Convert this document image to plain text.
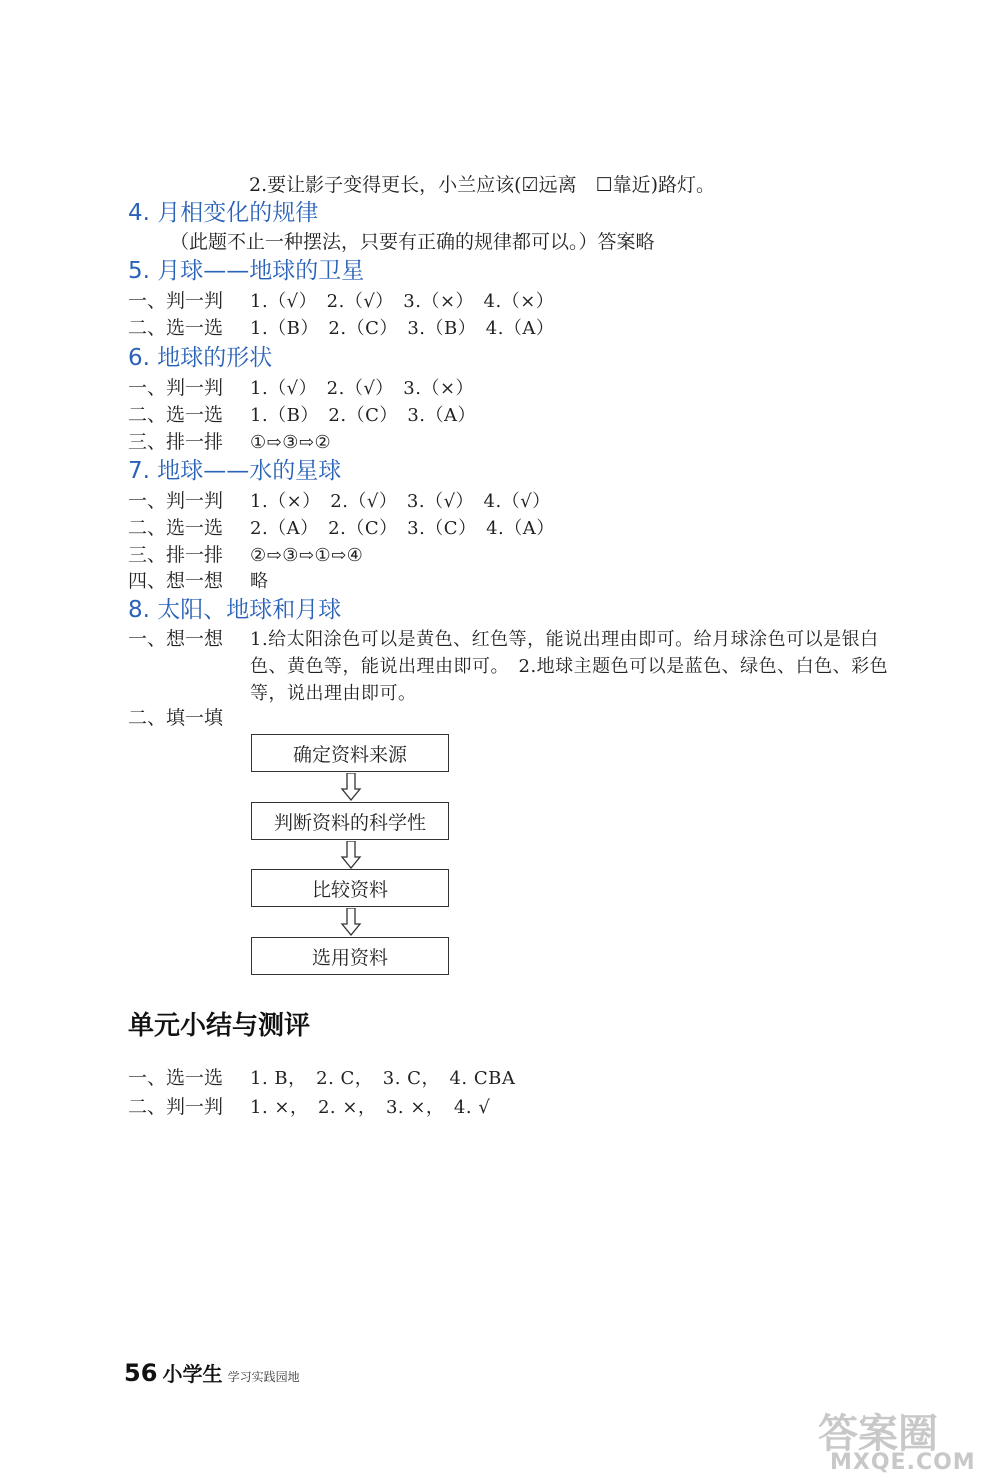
2.要让影子变得更长，小兰应该(☑远离　☐靠近)路灯。
4. 月相变化的规律
（此题不止一种摆法，只要有正确的规律都可以。）答案略
5. 月球——地球的卫星
一、判一判 1.（√）　2.（√）　3.（×）　4.（×）
二、选一选 1.（B）　2.（C）　3.（B）　4.（A）
6. 地球的形状
一、判一判 1.（√）　2.（√）　3.（×）
二、选一选 1.（B）　2.（C）　3.（A）
三、排一排 ①⇨③⇨②
7. 地球——水的星球
一、判一判 1.（×）　2.（√）　3.（√）　4.（√）
二、选一选 2.（A）　2.（C）　3.（C）　4.（A）
三、排一排 ②⇨③⇨①⇨④
四、想一想 略
8. 太阳、地球和月球
一、想一想	1.给太阳涂色可以是黄色、红色等，能说出理由即可。给月球涂色可以是银白色、黄色等，能说出理由即可。　2.地球主题色可以是蓝色、绿色、白色、彩色等，说出理由即可。
二、填一填
确定资料来源
判断资料的科学性
比较资料
选用资料
单元小结与测评
一、选一选 1. B，　2. C，　3. C，　4. CBA
二、判一判 1. ×，　2. ×，　3. ×，　4. √
56 小学生 学习实践园地
答案圈
MXQE.COM
